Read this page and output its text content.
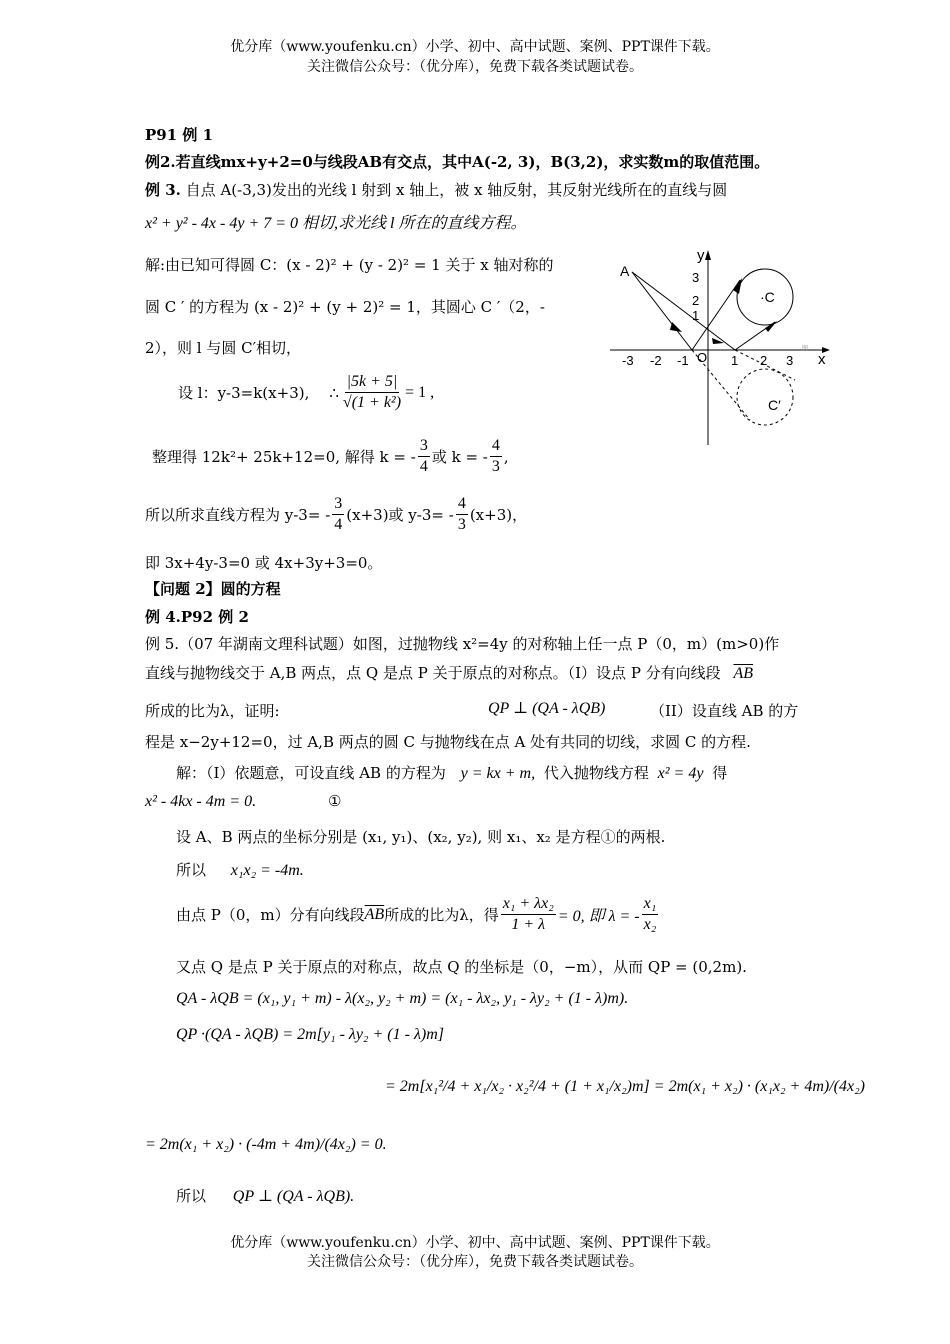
优分库（www.youfenku.cn）小学、初中、高中试题、案例、PPT课件下载。
关注微信公众号：（优分库），免费下载各类试题试卷。
P91 例 1
例2.若直线mx+y+2=0与线段AB有交点，其中A(-2, 3)，B(3,2)，求实数m的取值范围。
例 3. 自点 A(-3,3)发出的光线 l 射到 x 轴上，被 x 轴反射，其反射光线所在的直线与圆
x² + y² - 4x - 4y + 7 = 0 相切,求光线 l 所在的直线方程。
解:由已知可得圆 C：(x - 2)² + (y - 2)² = 1 关于 x 轴对称的
圆 C ′ 的方程为 (x - 2)² + (y + 2)² = 1，其圆心 C ′（2，-
2），则 l 与圆 C′相切，
设 l：y-3=k(x+3), ∴ $\frac{|5k + 5|}{\text{√(1 + k²)}} = 1$ ,
整理得 12k²+ 25k+12=0, 解得 k = - $\frac{3}{4}$ 或 k = - $\frac{4}{3}$ ,
所以所求直线方程为 $y-3= - \frac{3}{4} (x+3)$或 $y-3= - \frac{4}{3} (x+3)$，
即 3x+4y-3=0 或 4x+3y+3=0。
y
x
·C
C′
A
-3 -2 -1 O 1 2 3
3
2
1
图
【问题 2】圆的方程
例 4.P92 例 2
例 5.（07 年湖南文理科试题）如图，过抛物线 x²=4y 的对称轴上任一点 P（0，m）(m>0)作
直线与抛物线交于 A,B 两点，点 Q 是点 P 关于原点的对称点。（I）设点 P 分有向线段 $\overline{AB}$
所成的比为λ，证明:	QP ⊥ (QA - λQB)	（II）设直线 AB 的方
程是 x−2y+12=0，过 A,B 两点的圆 C 与抛物线在点 A 处有共同的切线，求圆 C 的方程.
解：（Ⅰ）依题意，可设直线 AB 的方程为 y = kx + m, 代入抛物线方程 x² = 4y 得
x² - 4kx - 4m = 0.	①
设 A、B 两点的坐标分别是 (x₁, y₁)、(x₂, y₂), 则 x₁、x₂ 是方程①的两根.
所以 x₁x₂ = -4m.
由点 P（0，m）分有向线段 $\overline{AB}$ 所成的比为λ，得 $\frac{\text{x₁ + λx₂}}{1 + \lambda} = 0$, 即 λ = - $\frac{\text{x₁}}{\text{x₂}}$
又点 Q 是点 P 关于原点的对称点，故点 Q 的坐标是（0，−m），从而 QP = (0,2m).
QA - λQB = (x₁, y₁ + m) - λ(x₂, y₂ + m) = (x₁ - λx₂, y₁ - λy₂ + (1 - λ)m).
QP ·(QA - λQB) = 2m[y₁ - λy₂ + (1 - λ)m]
= 2m[x₁²/4 + x₁/x₂ · x₂²/4 + (1 + x₁/x₂)m] = 2m(x₁ + x₂) · (x₁x₂ + 4m)/(4x₂)
= 2m(x₁ + x₂) · (-4m + 4m)/(4x₂) = 0.
所以 QP ⊥ (QA - λQB).
优分库（www.youfenku.cn）小学、初中、高中试题、案例、PPT课件下载。
关注微信公众号：（优分库），免费下载各类试题试卷。
